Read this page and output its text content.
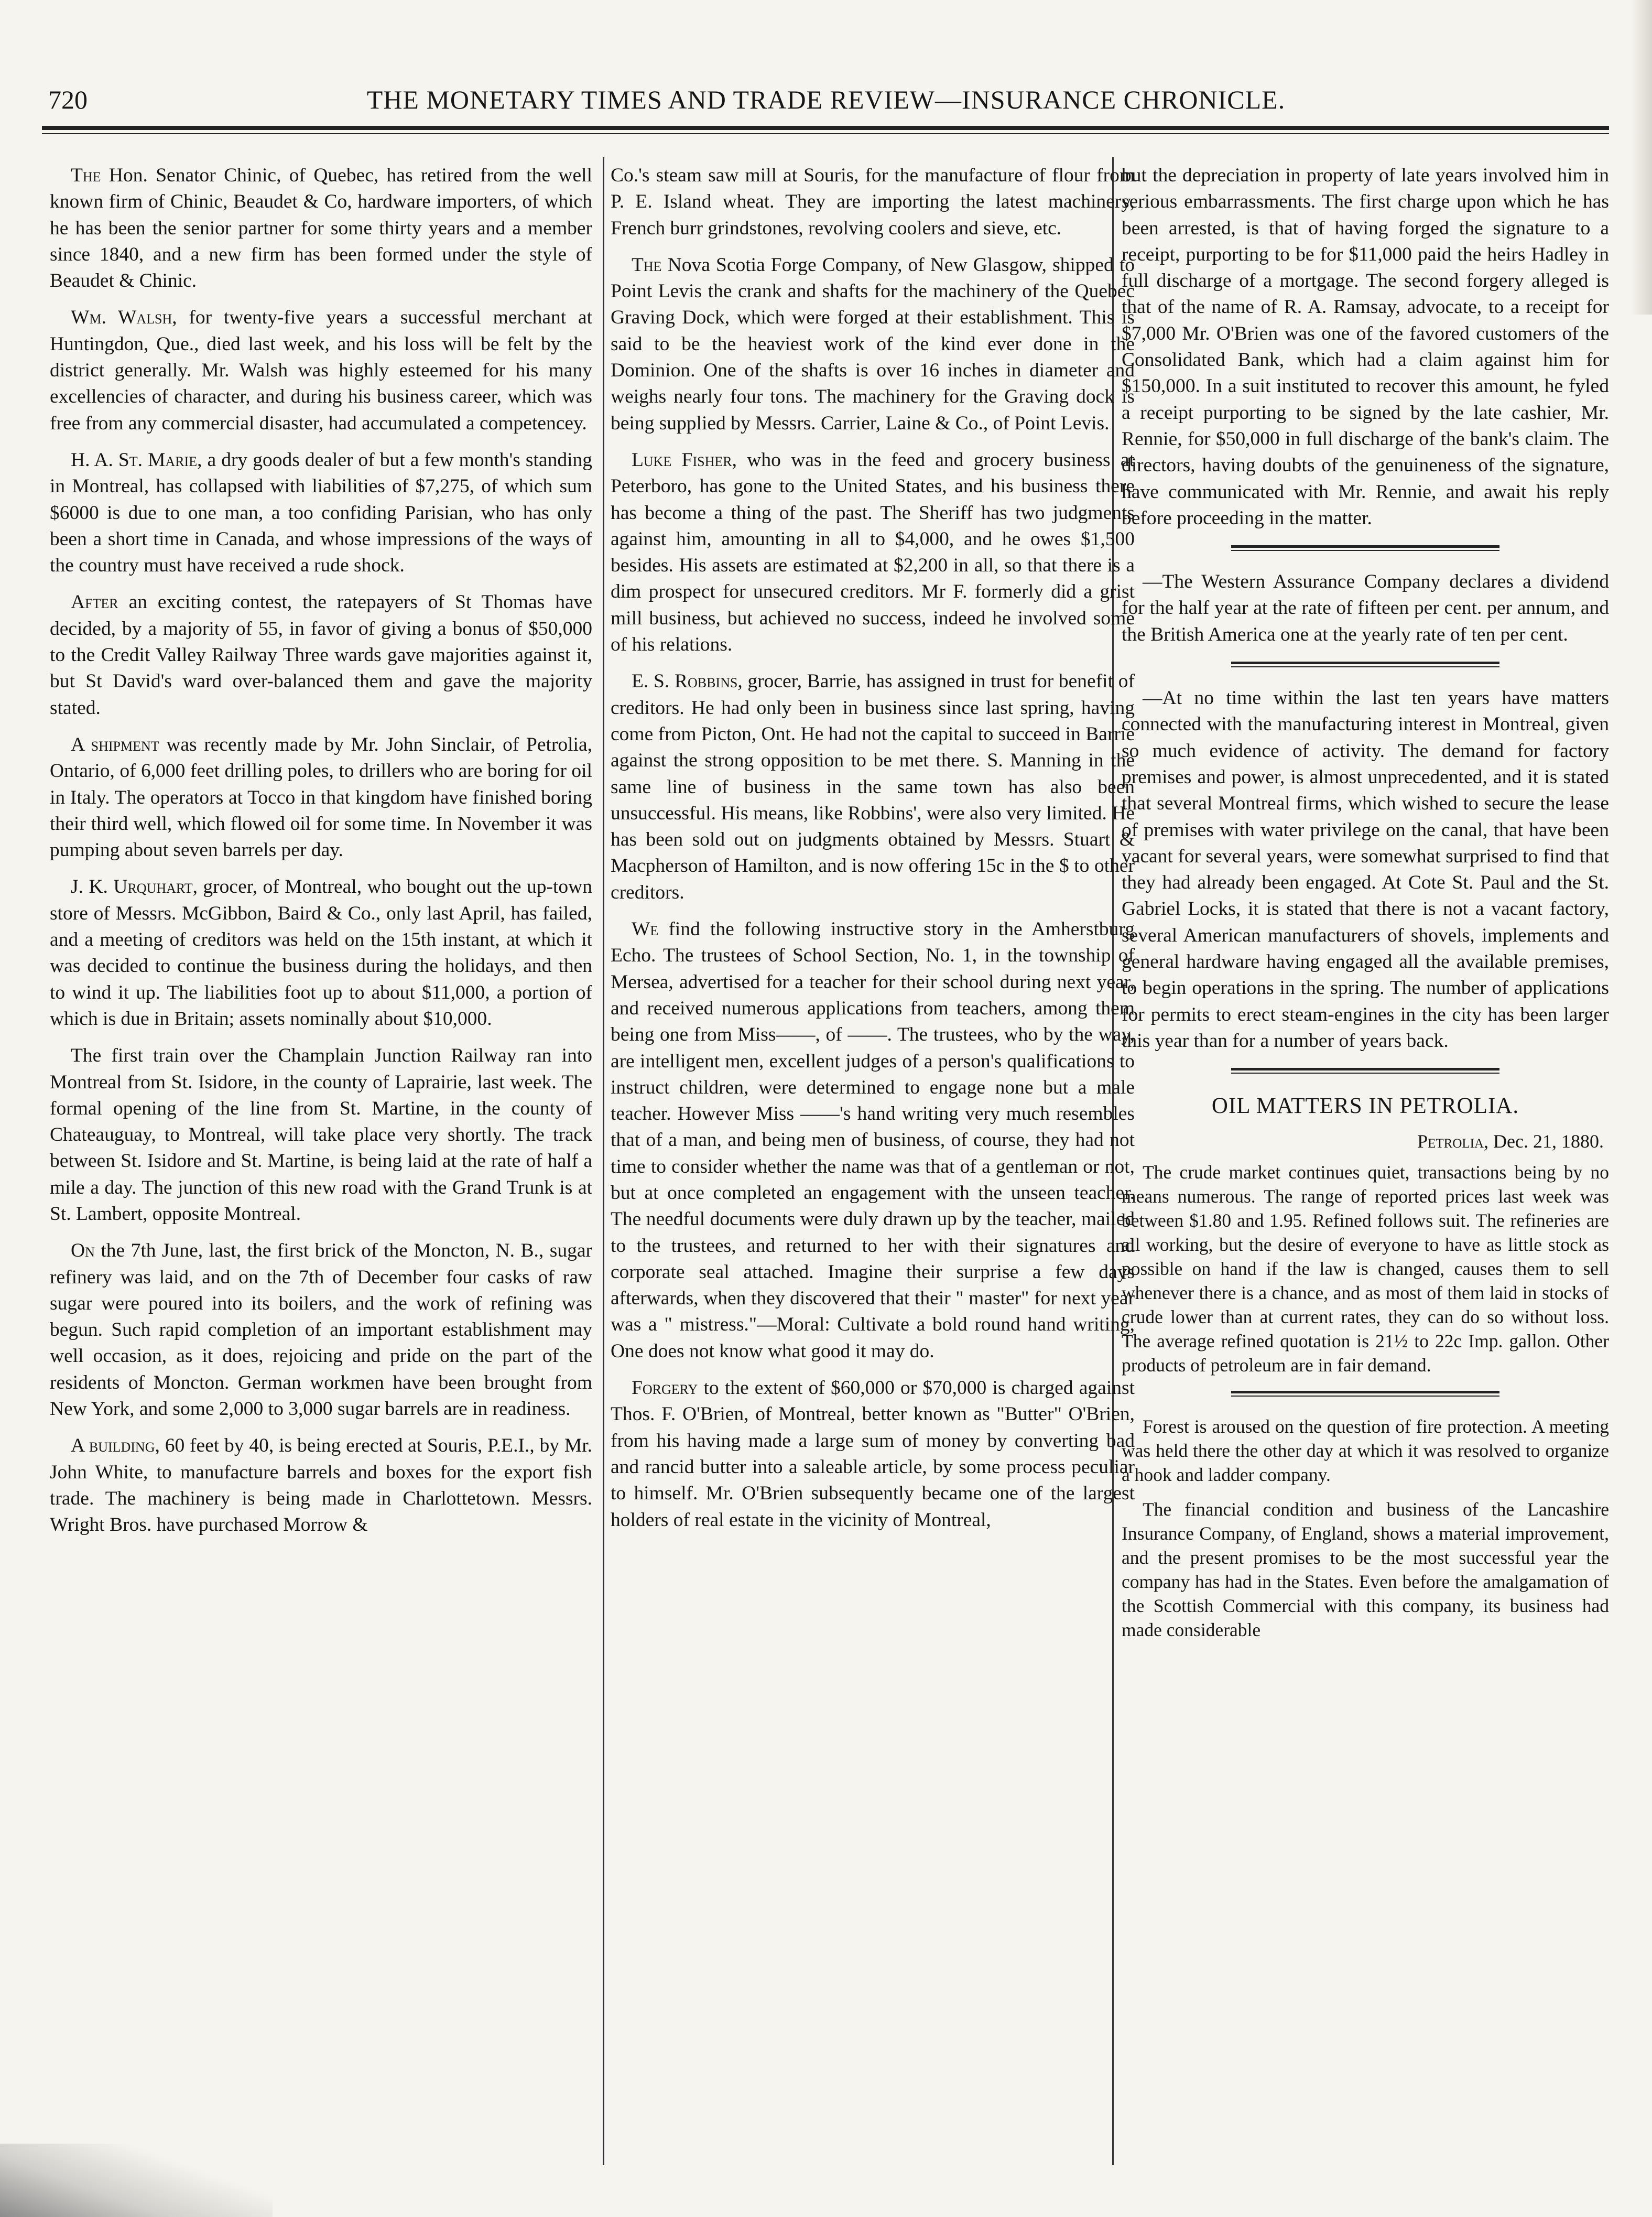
720	THE MONETARY TIMES AND TRADE REVIEW—INSURANCE CHRONICLE.

The Hon. Senator Chinic, of Quebec, has retired from the well known firm of Chinic, Beaudet & Co, hardware importers, of which he has been the senior partner for some thirty years and a member since 1840, and a new firm has been formed under the style of Beaudet & Chinic.

Wm. Walsh, for twenty-five years a successful merchant at Huntingdon, Que., died last week, and his loss will be felt by the district generally. Mr. Walsh was highly esteemed for his many excellencies of character, and during his business career, which was free from any commercial disaster, had accumulated a competencey.

H. A. St. Marie, a dry goods dealer of but a few month's standing in Montreal, has collapsed with liabilities of $7,275, of which sum $6000 is due to one man, a too confiding Parisian, who has only been a short time in Canada, and whose impressions of the ways of the country must have received a rude shock.

After an exciting contest, the ratepayers of St Thomas have decided, by a majority of 55, in favor of giving a bonus of $50,000 to the Credit Valley Railway Three wards gave majorities against it, but St David's ward over-balanced them and gave the majority stated.

A shipment was recently made by Mr. John Sinclair, of Petrolia, Ontario, of 6,000 feet drilling poles, to drillers who are boring for oil in Italy. The operators at Tocco in that kingdom have finished boring their third well, which flowed oil for some time. In November it was pumping about seven barrels per day.

J. K. Urquhart, grocer, of Montreal, who bought out the up-town store of Messrs. McGibbon, Baird & Co., only last April, has failed, and a meeting of creditors was held on the 15th instant, at which it was decided to continue the business during the holidays, and then to wind it up. The liabilities foot up to about $11,000, a portion of which is due in Britain; assets nominally about $10,000.

The first train over the Champlain Junction Railway ran into Montreal from St. Isidore, in the county of Laprairie, last week. The formal opening of the line from St. Martine, in the county of Chateauguay, to Montreal, will take place very shortly. The track between St. Isidore and St. Martine, is being laid at the rate of half a mile a day. The junction of this new road with the Grand Trunk is at St. Lambert, opposite Montreal.

On the 7th June, last, the first brick of the Moncton, N. B., sugar refinery was laid, and on the 7th of December four casks of raw sugar were poured into its boilers, and the work of refining was begun. Such rapid completion of an important establishment may well occasion, as it does, rejoicing and pride on the part of the residents of Moncton. German workmen have been brought from New York, and some 2,000 to 3,000 sugar barrels are in readiness.

A building, 60 feet by 40, is being erected at Souris, P.E.I., by Mr. John White, to manufacture barrels and boxes for the export fish trade. The machinery is being made in Charlottetown. Messrs. Wright Bros. have purchased Morrow &

Co.'s steam saw mill at Souris, for the manufacture of flour from P. E. Island wheat. They are importing the latest machinery, French burr grindstones, revolving coolers and sieve, etc.

The Nova Scotia Forge Company, of New Glasgow, shipped to Point Levis the crank and shafts for the machinery of the Quebec Graving Dock, which were forged at their establishment. This is said to be the heaviest work of the kind ever done in the Dominion. One of the shafts is over 16 inches in diameter and weighs nearly four tons. The machinery for the Graving dock is being supplied by Messrs. Carrier, Laine & Co., of Point Levis.

Luke Fisher, who was in the feed and grocery business at Peterboro, has gone to the United States, and his business there has become a thing of the past. The Sheriff has two judgments against him, amounting in all to $4,000, and he owes $1,500 besides. His assets are estimated at $2,200 in all, so that there is a dim prospect for unsecured creditors. Mr F. formerly did a grist mill business, but achieved no success, indeed he involved some of his relations.

E. S. Robbins, grocer, Barrie, has assigned in trust for benefit of creditors. He had only been in business since last spring, having come from Picton, Ont. He had not the capital to succeed in Barrie against the strong opposition to be met there. S. Manning in the same line of business in the same town has also been unsuccessful. His means, like Robbins', were also very limited. He has been sold out on judgments obtained by Messrs. Stuart & Macpherson of Hamilton, and is now offering 15c in the $ to other creditors.

We find the following instructive story in the Amherstburg Echo. The trustees of School Section, No. 1, in the township of Mersea, advertised for a teacher for their school during next year, and received numerous applications from teachers, among them being one from Miss——, of ——. The trustees, who by the way, are intelligent men, excellent judges of a person's qualifications to instruct children, were determined to engage none but a male teacher. However Miss ——'s hand writing very much resembles that of a man, and being men of business, of course, they had not time to consider whether the name was that of a gentleman or not, but at once completed an engagement with the unseen teacher. The needful documents were duly drawn up by the teacher, mailed to the trustees, and returned to her with their signatures and corporate seal attached. Imagine their surprise a few days afterwards, when they discovered that their " master" for next year was a " mistress."—Moral: Cultivate a bold round hand writing, One does not know what good it may do.

Forgery to the extent of $60,000 or $70,000 is charged against Thos. F. O'Brien, of Montreal, better known as "Butter" O'Brien, from his having made a large sum of money by converting bad and rancid butter into a saleable article, by some process peculiar to himself. Mr. O'Brien subsequently became one of the largest holders of real estate in the vicinity of Montreal,

but the depreciation in property of late years involved him in serious embarrassments. The first charge upon which he has been arrested, is that of having forged the signature to a receipt, purporting to be for $11,000 paid the heirs Hadley in full discharge of a mortgage. The second forgery alleged is that of the name of R. A. Ramsay, advocate, to a receipt for $7,000 Mr. O'Brien was one of the favored customers of the Consolidated Bank, which had a claim against him for $150,000. In a suit instituted to recover this amount, he fyled a receipt purporting to be signed by the late cashier, Mr. Rennie, for $50,000 in full discharge of the bank's claim. The directors, having doubts of the genuineness of the signature, have communicated with Mr. Rennie, and await his reply before proceeding in the matter.

—The Western Assurance Company declares a dividend for the half year at the rate of fifteen per cent. per annum, and the British America one at the yearly rate of ten per cent.

—At no time within the last ten years have matters connected with the manufacturing interest in Montreal, given so much evidence of activity. The demand for factory premises and power, is almost unprecedented, and it is stated that several Montreal firms, which wished to secure the lease of premises with water privilege on the canal, that have been vacant for several years, were somewhat surprised to find that they had already been engaged. At Cote St. Paul and the St. Gabriel Locks, it is stated that there is not a vacant factory, several American manufacturers of shovels, implements and general hardware having engaged all the available premises, to begin operations in the spring. The number of applications for permits to erect steam-engines in the city has been larger this year than for a number of years back.

OIL MATTERS IN PETROLIA.
Petrolia, Dec. 21, 1880.

The crude market continues quiet, transactions being by no means numerous. The range of reported prices last week was between $1.80 and 1.95. Refined follows suit. The refineries are all working, but the desire of everyone to have as little stock as possible on hand if the law is changed, causes them to sell whenever there is a chance, and as most of them laid in stocks of crude lower than at current rates, they can do so without loss. The average refined quotation is 21½ to 22c Imp. gallon. Other products of petroleum are in fair demand.

Forest is aroused on the question of fire protection. A meeting was held there the other day at which it was resolved to organize a hook and ladder company.

The financial condition and business of the Lancashire Insurance Company, of England, shows a material improvement, and the present promises to be the most successful year the company has had in the States. Even before the amalgamation of the Scottish Commercial with this company, its business had made considerable
